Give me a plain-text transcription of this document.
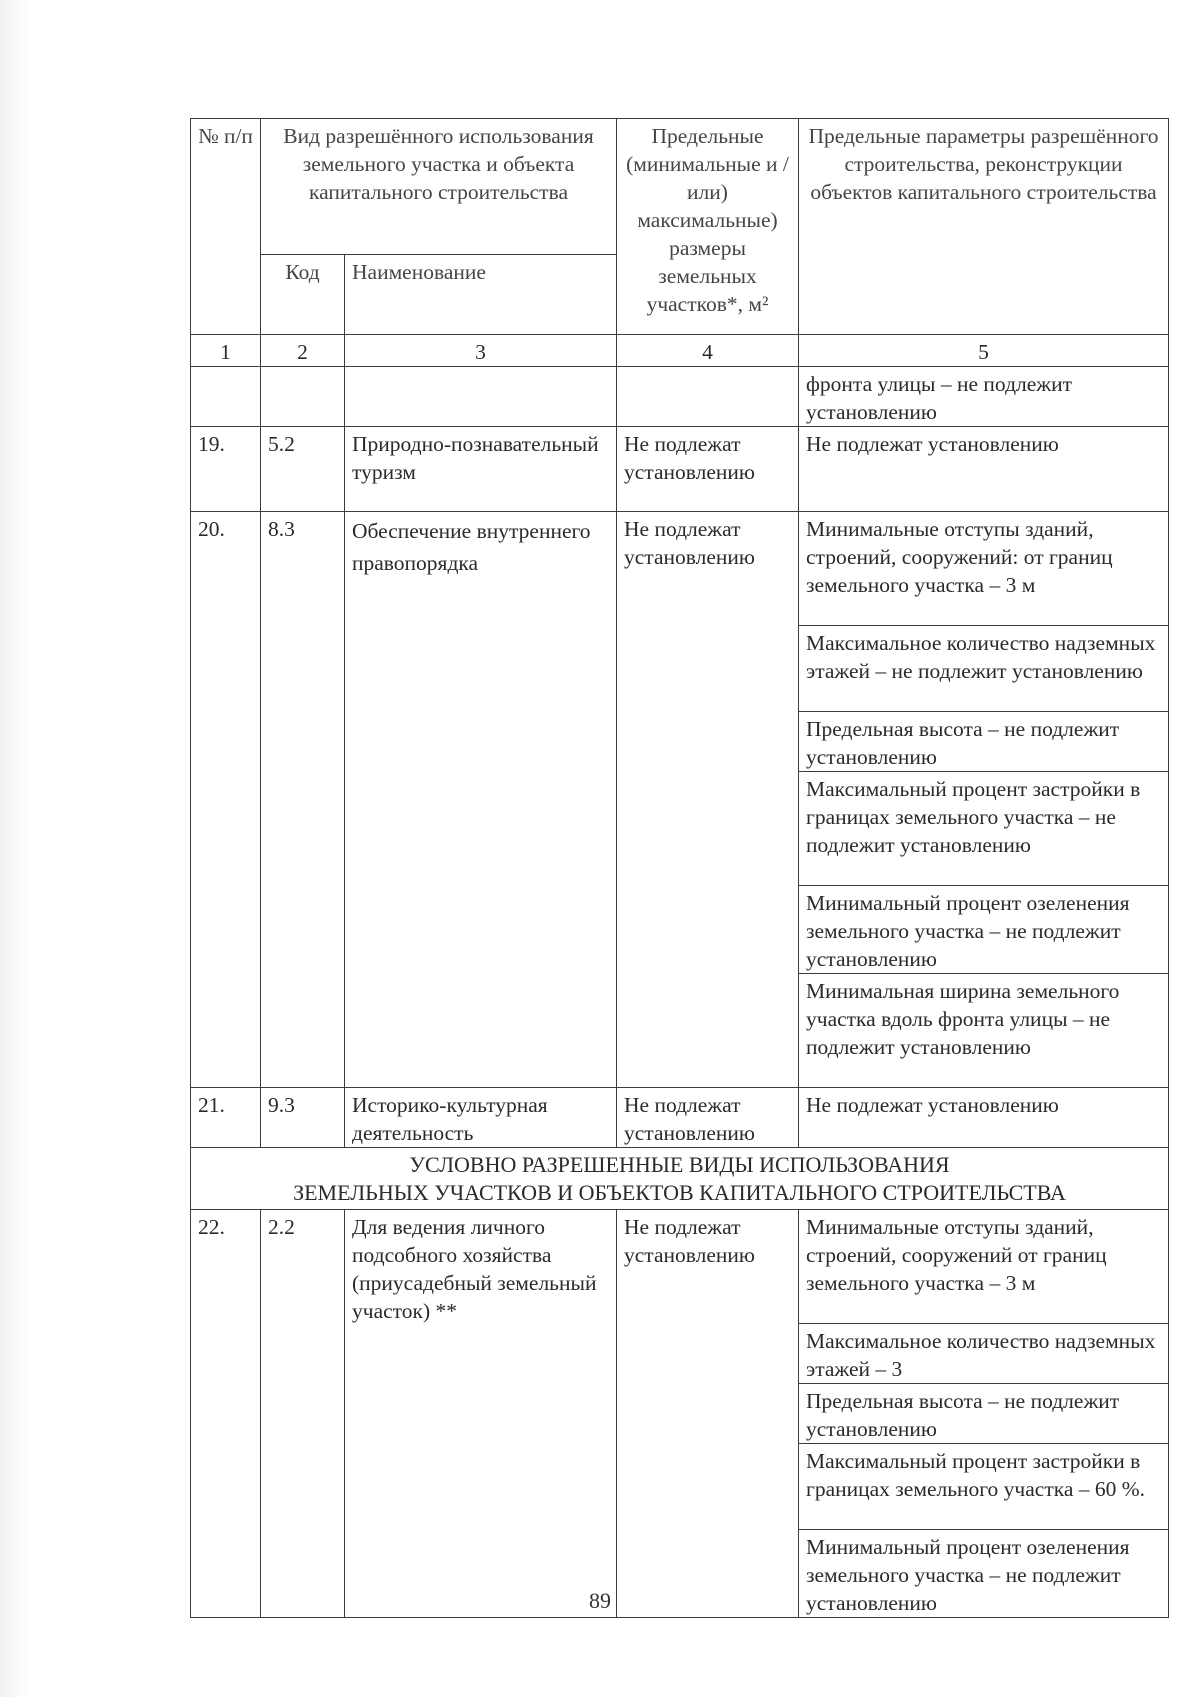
№ п/п	Вид разрешённого использования земельного участка и объекта капитального строительства		Предельные (минимальные и / или) максимальные) размеры земельных участков*, м²	Предельные параметры разрешённого строительства, реконструкции объектов капитального строительства
	Код	Наименование		
1	2	3	4	5
				фронта улицы – не подлежит установлению
19.	5.2	Природно-познавательный туризм	Не подлежат установлению	Не подлежат установлению
20.	8.3	Обеспечение внутреннего правопорядка	Не подлежат установлению	Минимальные отступы зданий, строений, сооружений: от границ земельного участка – 3 м
				Максимальное количество надземных этажей – не подлежит установлению
				Предельная высота – не подлежит установлению
				Максимальный процент застройки в границах земельного участка – не подлежит установлению
				Минимальный процент озеленения земельного участка – не подлежит установлению
				Минимальная ширина земельного участка вдоль фронта улицы – не подлежит установлению
21.	9.3	Историко-культурная деятельность	Не подлежат установлению	Не подлежат установлению

УСЛОВНО РАЗРЕШЕННЫЕ ВИДЫ ИСПОЛЬЗОВАНИЯ
ЗЕМЕЛЬНЫХ УЧАСТКОВ И ОБЪЕКТОВ КАПИТАЛЬНОГО СТРОИТЕЛЬСТВА				

22.	2.2	Для ведения личного подсобного хозяйства (приусадебный земельный участок) **	Не подлежат установлению	Минимальные отступы зданий, строений, сооружений от границ земельного участка – 3 м
				Максимальное количество надземных этажей – 3
				Предельная высота – не подлежит установлению
				Максимальный процент застройки в границах земельного участка – 60 %.
				Минимальный процент озеленения земельного участка – не подлежит установлению
89
